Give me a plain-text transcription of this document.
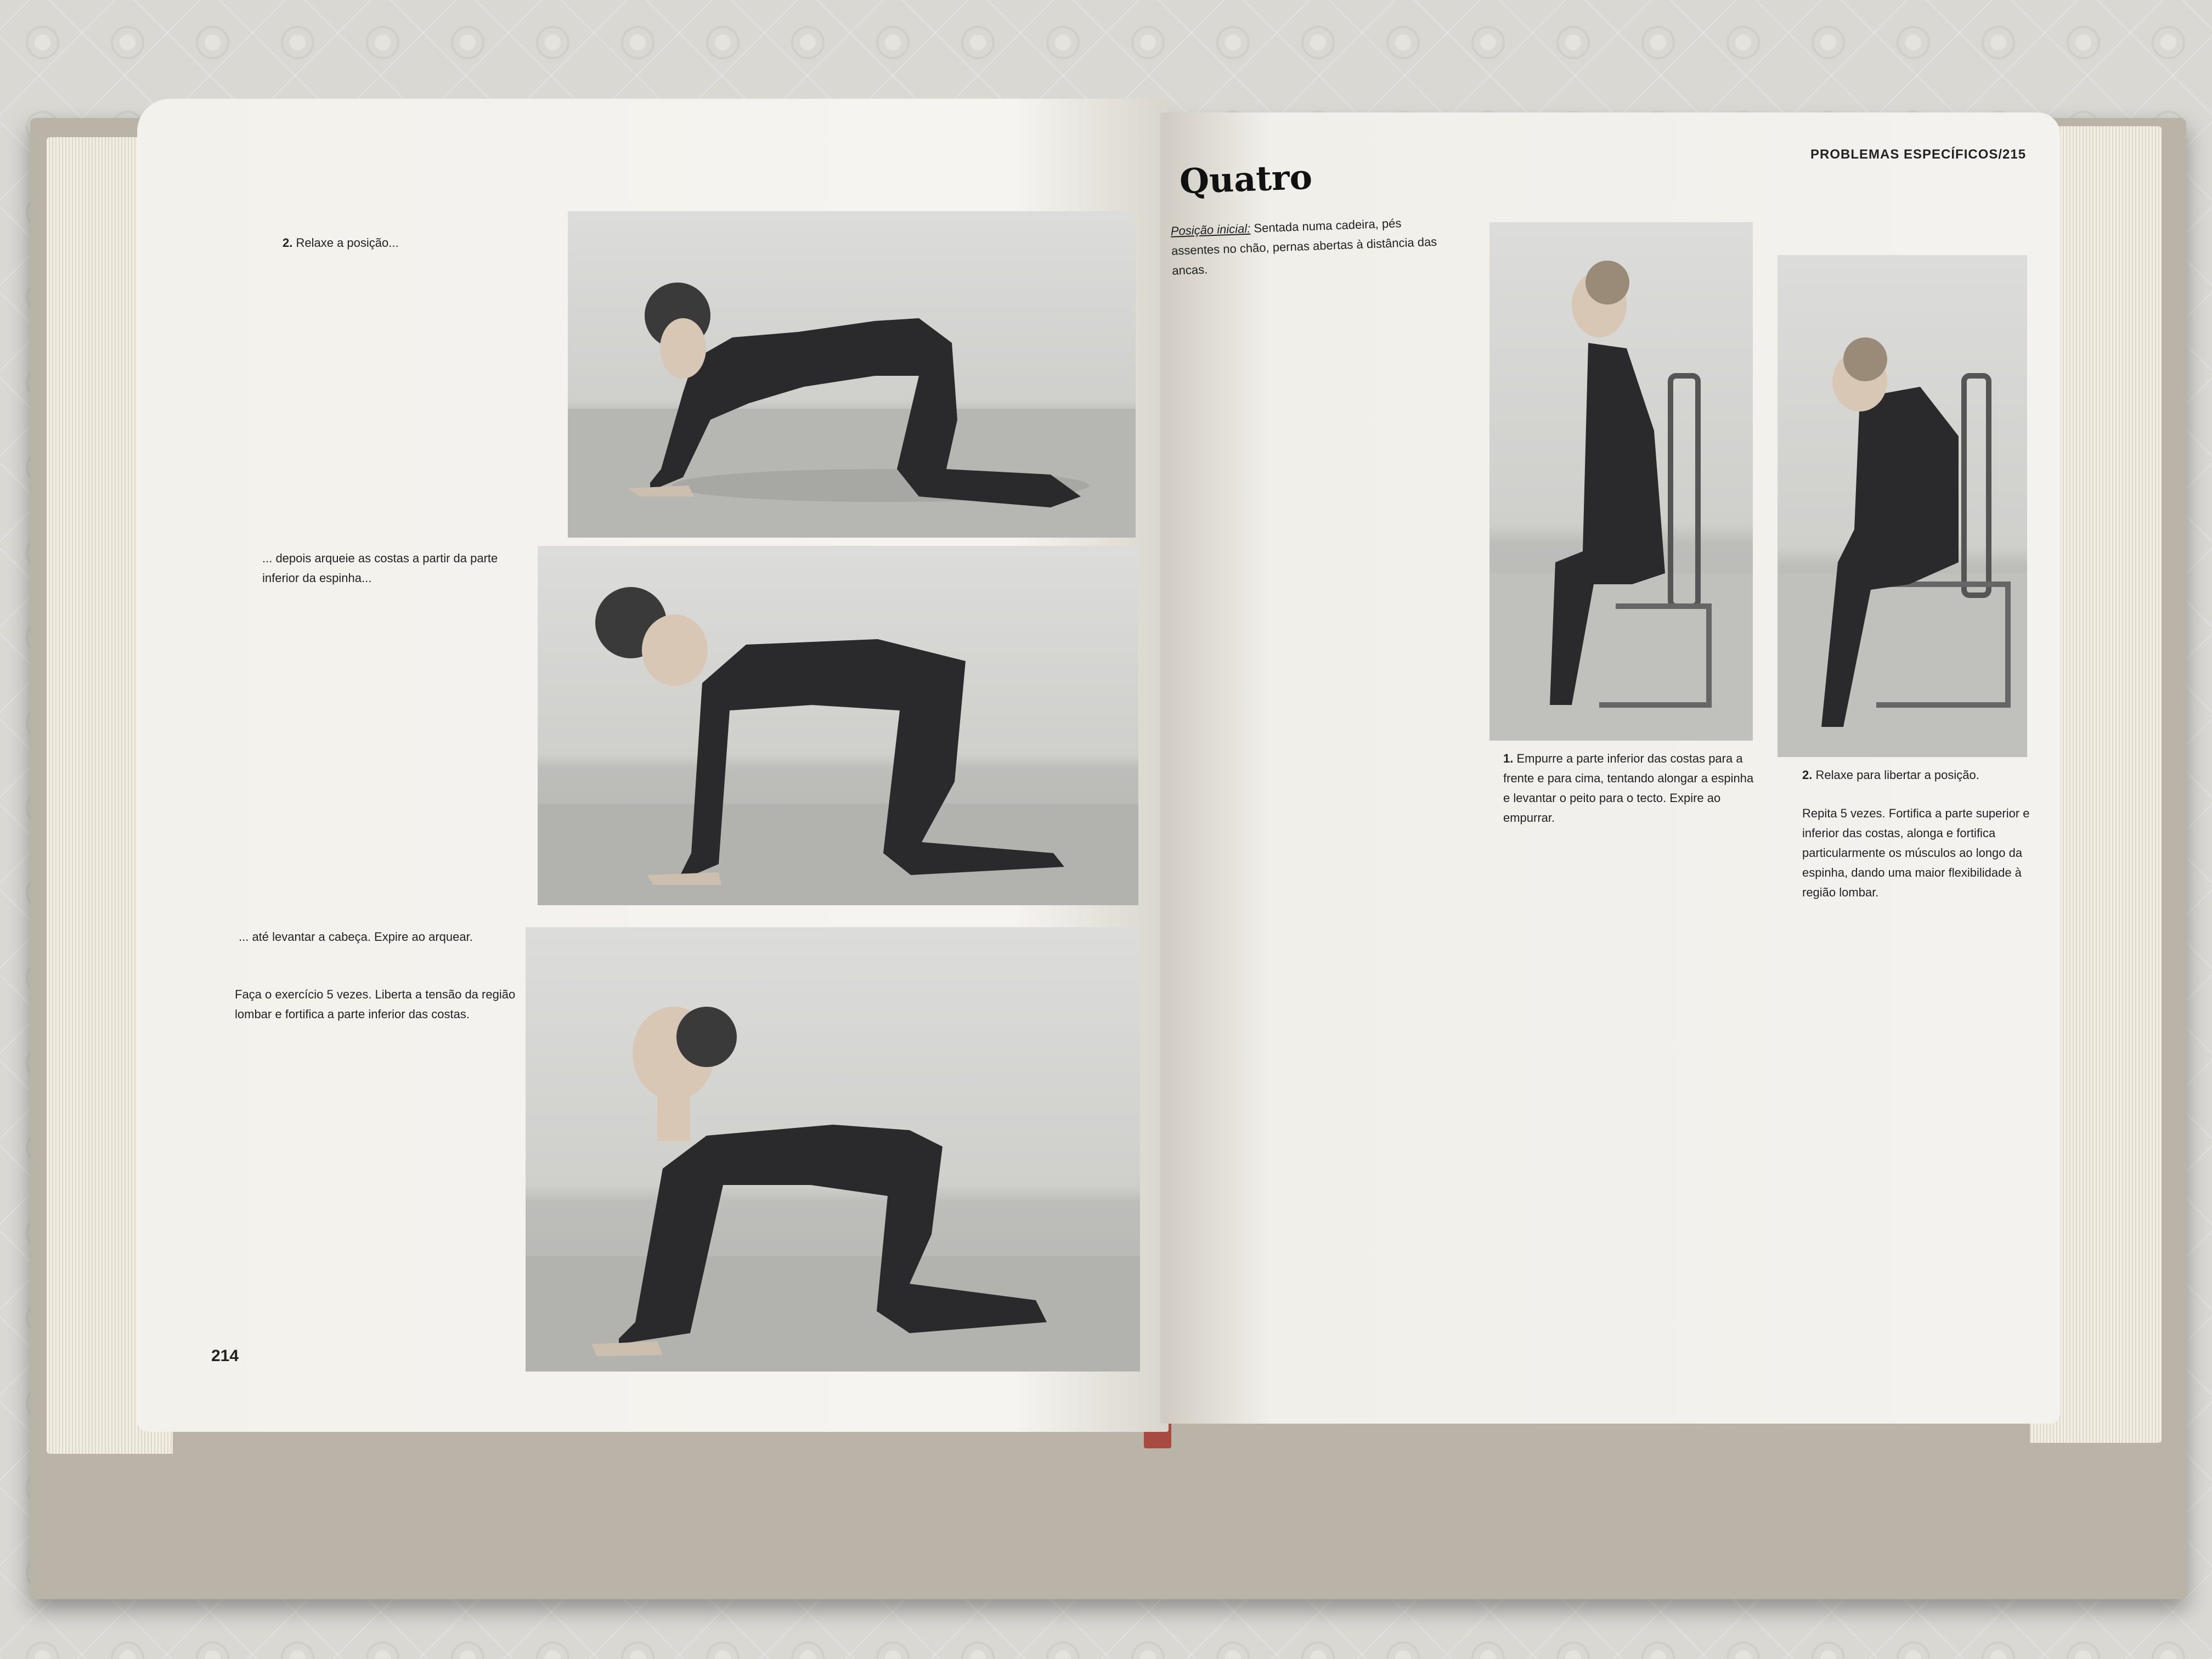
2. Relaxe a posição...
... depois arqueie as costas a partir da parte inferior da espinha...
... até levantar a cabeça. Expire ao arquear.
Faça o exercício 5 vezes. Liberta a tensão da região lombar e fortifica a parte inferior das costas.
214
PROBLEMAS ESPECÍFICOS/215
Quatro
Posição inicial: Sentada numa cadeira, pés assentes no chão, pernas abertas à distância das ancas.
1. Empurre a parte inferior das costas para a frente e para cima, tentando alongar a espinha e levantar o peito para o tecto. Expire ao empurrar.
2. Relaxe para libertar a posição.
Repita 5 vezes. Fortifica a parte superior e inferior das costas, alonga e fortifica particularmente os músculos ao longo da espinha, dando uma maior flexibilidade à região lombar.
